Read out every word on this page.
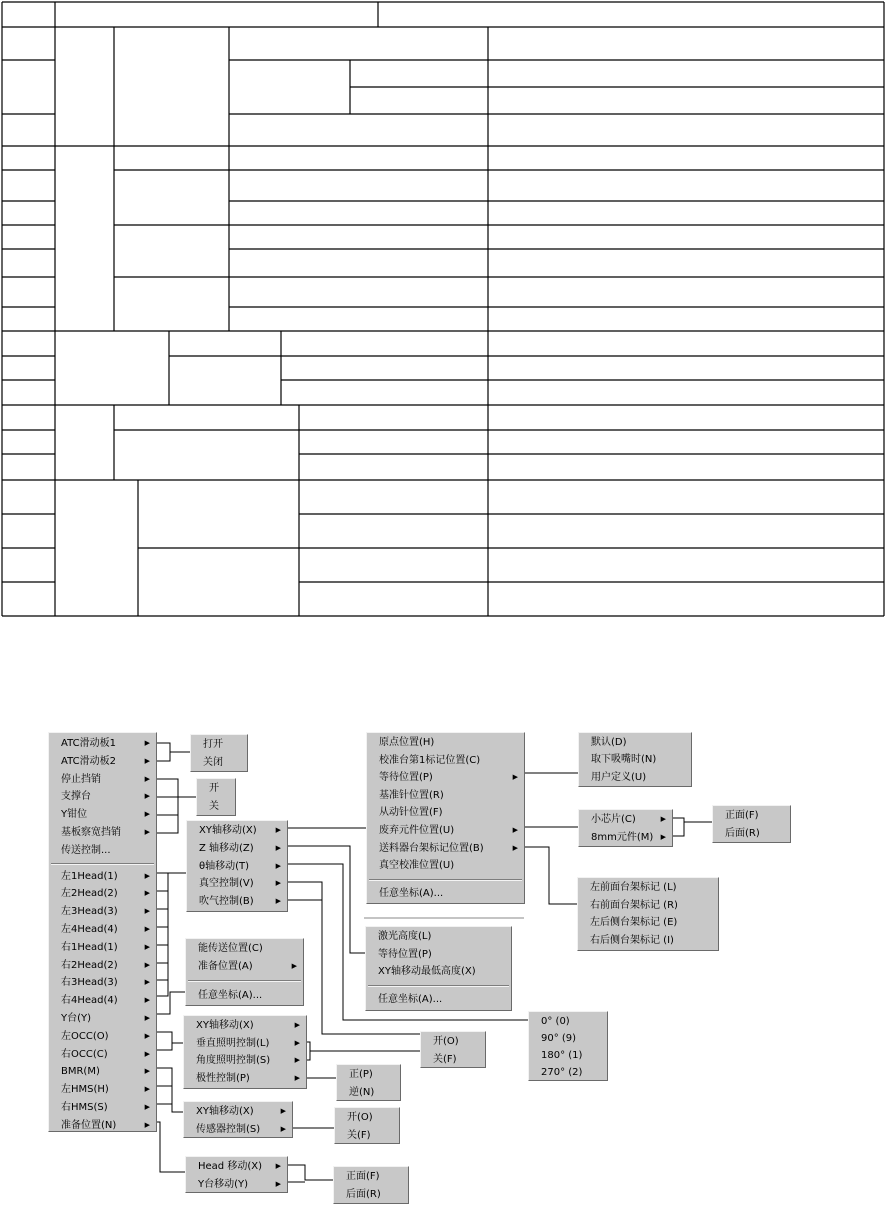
ATC滑动板1	▶
ATC滑动板2	▶
停止挡销	▶
支撑台	▶
Y钳位	▶
基板察宽挡销	▶
传送控制...
左1Head(1)	▶
左2Head(2)	▶
左3Head(3)	▶
左4Head(4)	▶
右1Head(1)	▶
右2Head(2)	▶
右3Head(3)	▶
右4Head(4)	▶
Y台(Y)	▶
左OCC(O)	▶
右OCC(C)	▶
BMR(M)	▶
左HMS(H)	▶
右HMS(S)	▶
准备位置(N)	▶
打开
关闭
开
关
XY轴移动(X)	▶
Z 轴移动(Z)	▶
θ轴移动(T)	▶
真空控制(V)	▶
吹气控制(B)	▶
原点位置(H)
校准台第1标记位置(C)
等待位置(P)	▶
基准针位置(R)
从动针位置(F)
废弃元件位置(U)	▶
送料器台架标记位置(B)	▶
真空校准位置(U)
任意坐标(A)...
默认(D)
取下吸嘴时(N)
用户定义(U)
小芯片(C)	▶
8mm元件(M) ▶
正面(F)
后面(R)
左前面台架标记 (L)
右前面台架标记 (R)
左后侧台架标记 (E)
右后侧台架标记 (I)
激光高度(L)
等待位置(P)
XY轴移动最低高度(X)
任意坐标(A)...
0° (0)
90° (9)
180° (1)
270° (2)
能传送位置(C)
准备位置(A)	▶
任意坐标(A)...
XY轴移动(X)	▶
垂直照明控制(L)	▶
角度照明控制(S)	▶
极性控制(P)	▶
开(O)
关(F)
正(P)
逆(N)
XY轴移动(X)	▶
传感器控制(S)	▶
开(O)
关(F)
Head 移动(X) ▶
Y台移动(Y)	▶
正面(F)
后面(R)
